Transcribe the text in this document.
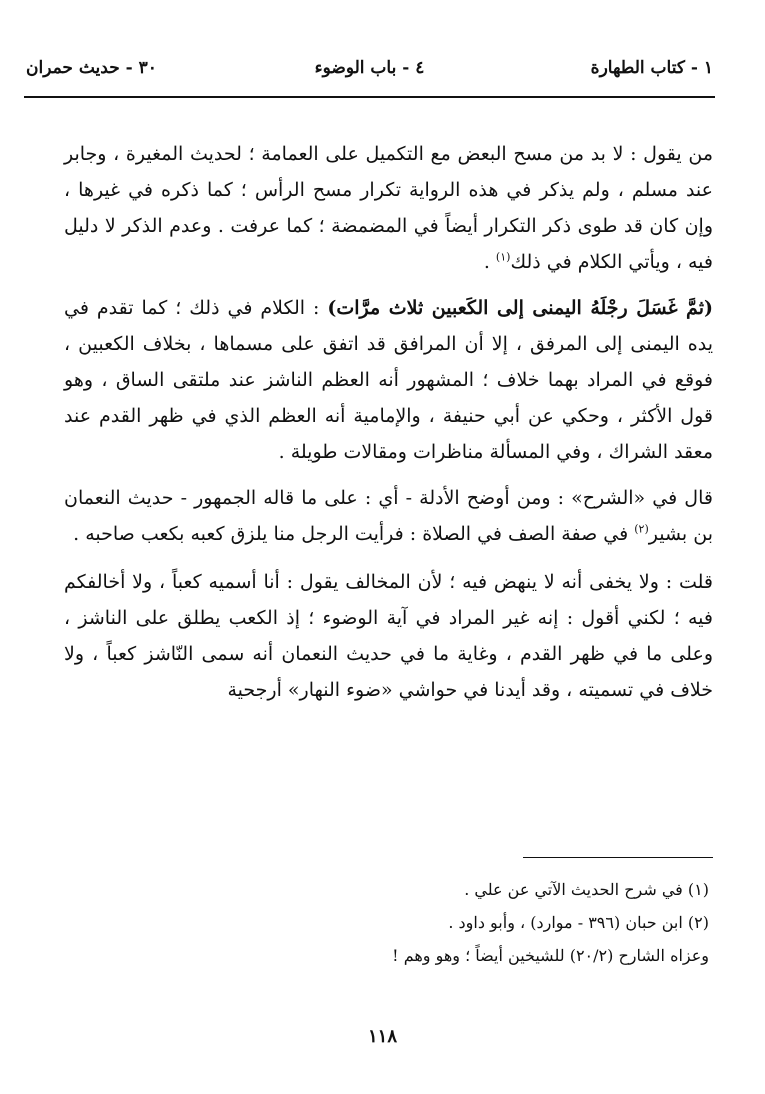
١ - كتاب الطهارة
٤ - باب الوضوء
٣٠ - حديث حمران

من يقول : لا بد من مسح البعض مع التكميل على العمامة ؛ لحديث المغيرة ، وجابر عند مسلم ، ولم يذكر في هذه الرواية تكرار مسح الرأس ؛ كما ذكره في غيرها ، وإن كان قد طوى ذكر التكرار أيضاً في المضمضة ؛ كما عرفت . وعدم الذكر لا دليل فيه ، ويأتي الكلام في ذلك$^{(١)}$ .

(ثمَّ غَسَلَ رجْلَهُ اليمنى إلى الكَعبين ثلاث مرَّات) : الكلام في ذلك ؛ كما تقدم في يده اليمنى إلى المرفق ، إلا أن المرافق قد اتفق على مسماها ، بخلاف الكعبين ، فوقع في المراد بهما خلاف ؛ المشهور أنه العظم الناشز عند ملتقى الساق ، وهو قول الأكثر ، وحكي عن أبي حنيفة ، والإمامية أنه العظم الذي في ظهر القدم عند معقد الشراك ، وفي المسألة مناظرات ومقالات طويلة .

قال في «الشرح» : ومن أوضح الأدلة - أي : على ما قاله الجمهور - حديث النعمان بن بشير$^{(٢)}$ في صفة الصف في الصلاة : فرأيت الرجل منا يلزق كعبه بكعب صاحبه .

قلت : ولا يخفى أنه لا ينهض فيه ؛ لأن المخالف يقول : أنا أسميه كعباً ، ولا أخالفكم فيه ؛ لكني أقول : إنه غير المراد في آية الوضوء ؛ إذ الكعب يطلق على الناشز ، وعلى ما في ظهر القدم ، وغاية ما في حديث النعمان أنه سمى النّاشز كعباً ، ولا خلاف في تسميته ، وقد أيدنا في حواشي «ضوء النهار» أرجحية

(١) في شرح الحديث الآتي عن علي .

(٢) ابن حبان (٣٩٦ - موارد) ، وأبو داود .

وعزاه الشارح (٢٠/٢) للشيخين أيضاً ؛ وهو وهم !

١١٨
